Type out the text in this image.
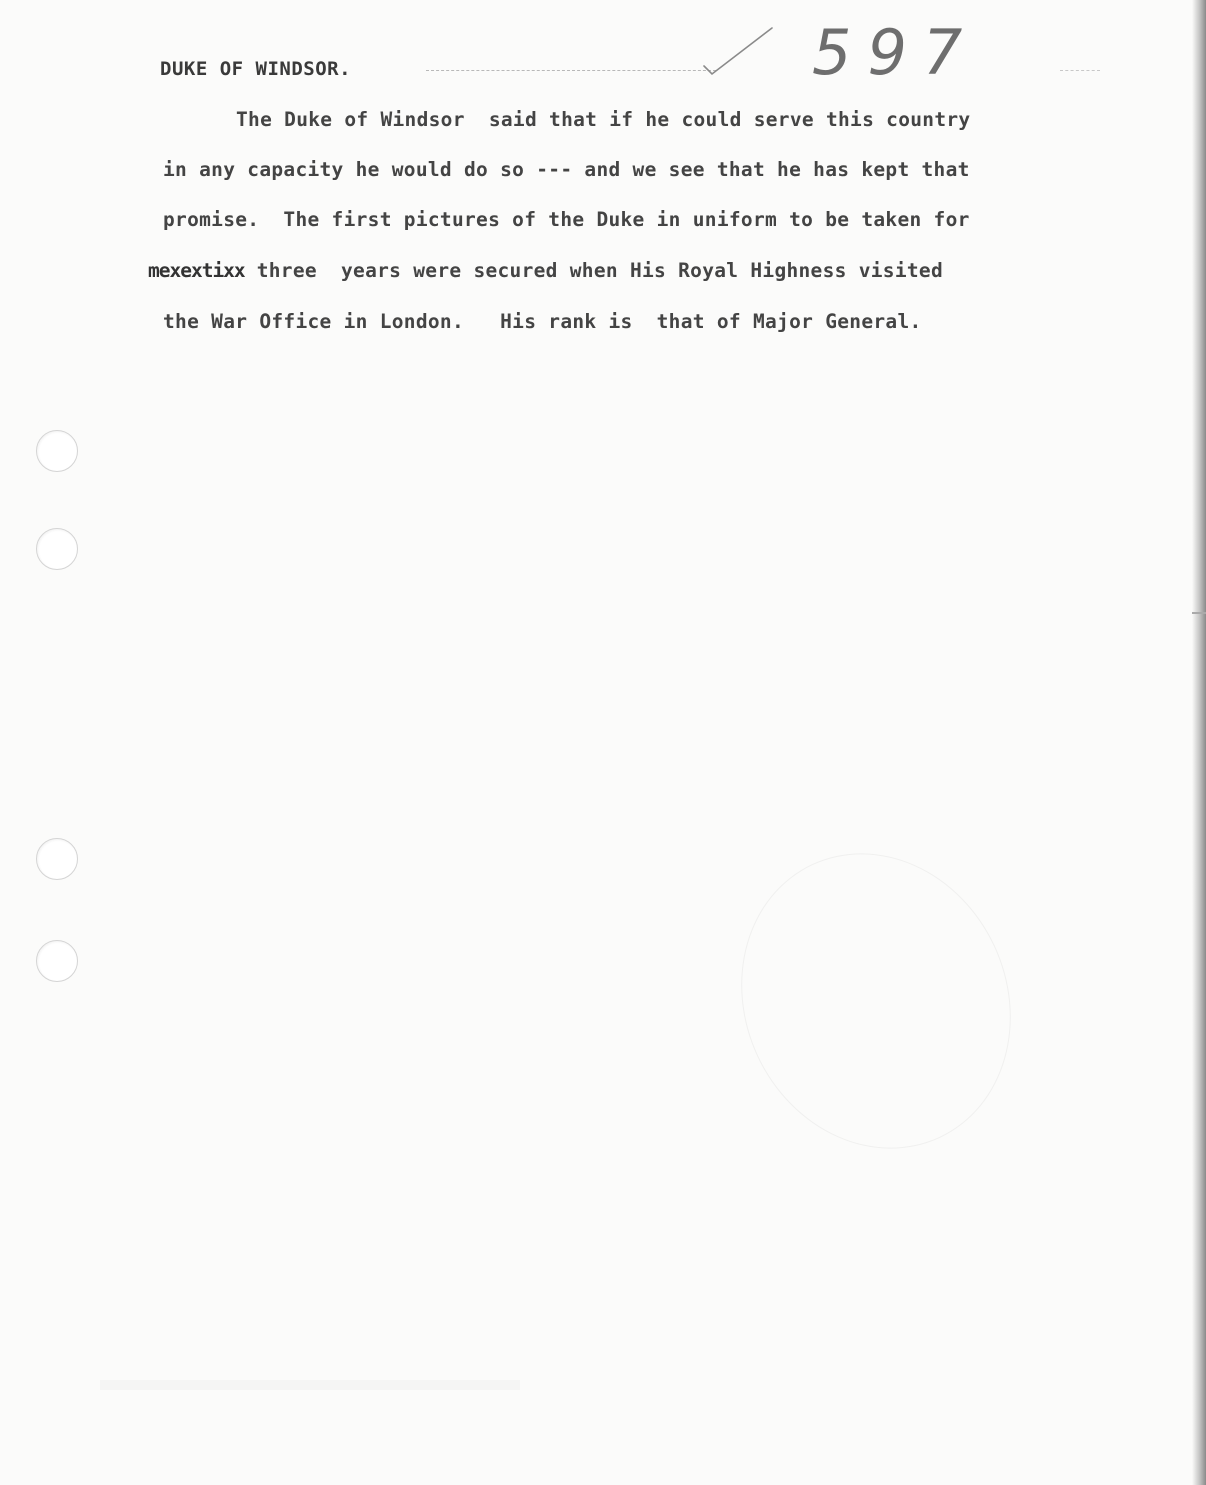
DUKE OF WINDSOR.	597
The Duke of Windsor  said that if he could serve this country
in any capacity he would do so --- and we see that he has kept that
promise.  The first pictures of the Duke in uniform to be taken for
mexextixx three  years were secured when His Royal Highness visited
the War Office in London.   His rank is  that of Major General.
